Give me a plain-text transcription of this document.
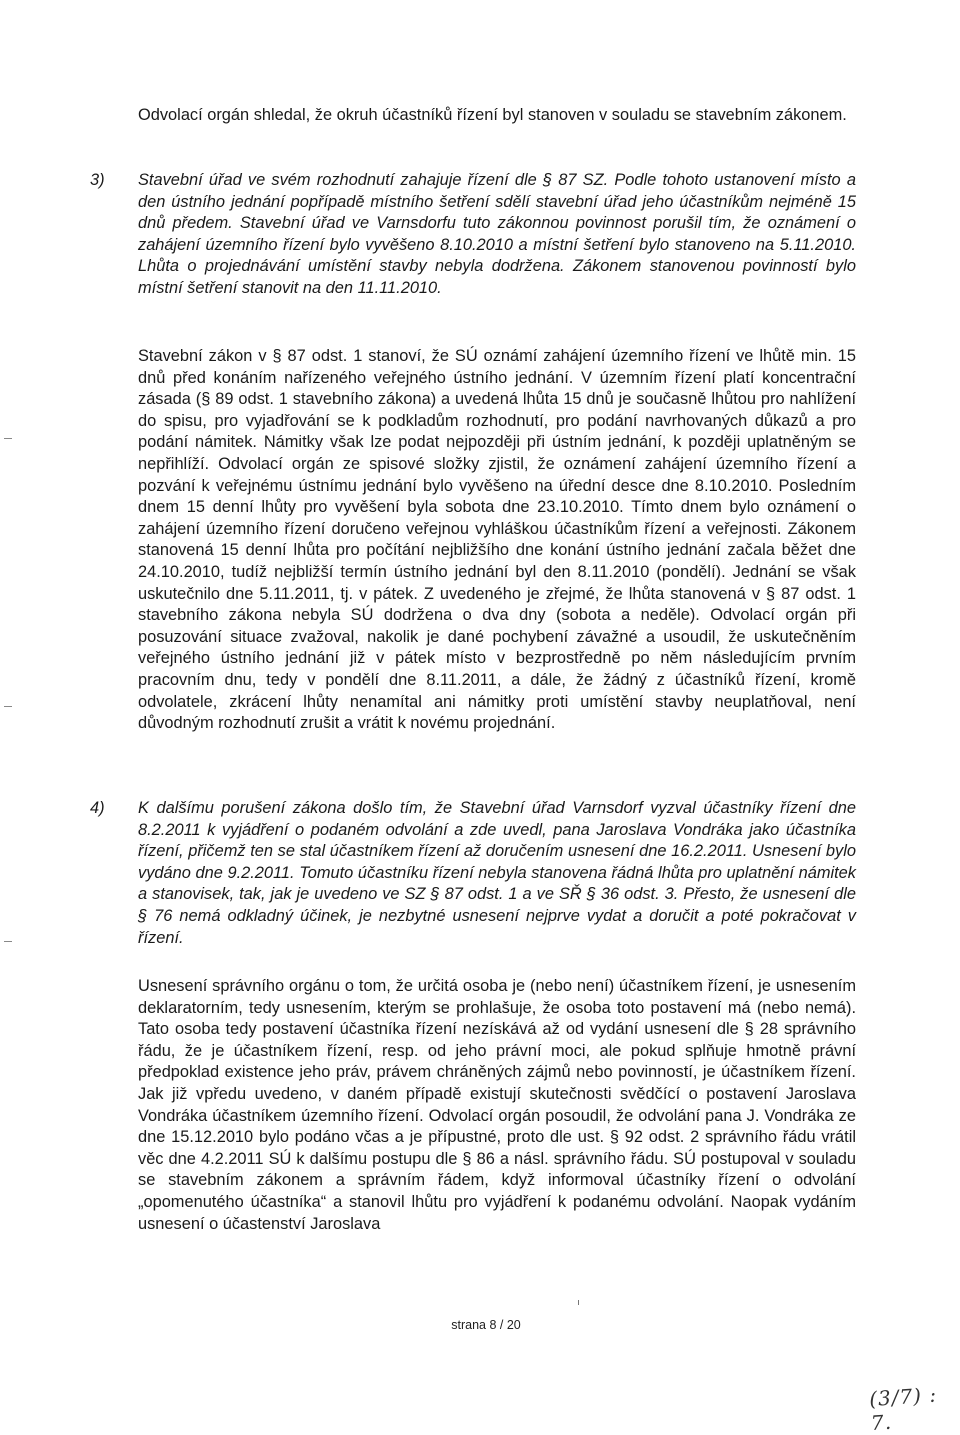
Odvolací orgán shledal, že okruh účastníků řízení byl stanoven v souladu se stavebním zákonem.
3) Stavební úřad ve svém rozhodnutí zahajuje řízení dle § 87 SZ. Podle tohoto ustanovení místo a den ústního jednání popřípadě místního šetření sdělí stavební úřad jeho účastníkům nejméně 15 dnů předem. Stavební úřad ve Varnsdorfu tuto zákonnou povinnost porušil tím, že oznámení o zahájení územního řízení bylo vyvěšeno 8.10.2010 a místní šetření bylo stanoveno na 5.11.2010. Lhůta o projednávání umístění stavby nebyla dodržena. Zákonem stanovenou povinností bylo místní šetření stanovit na den 11.11.2010.
Stavební zákon v § 87 odst. 1 stanoví, že SÚ oznámí zahájení územního řízení ve lhůtě min. 15 dnů před konáním nařízeného veřejného ústního jednání. V územním řízení platí koncentrační zásada (§ 89 odst. 1 stavebního zákona) a uvedená lhůta 15 dnů je současně lhůtou pro nahlížení do spisu, pro vyjadřování se k podkladům rozhodnutí, pro podání navrhovaných důkazů a pro podání námitek. Námitky však lze podat nejpozději při ústním jednání, k později uplatněným se nepřihlíží. Odvolací orgán ze spisové složky zjistil, že oznámení zahájení územního řízení a pozvání k veřejnému ústnímu jednání bylo vyvěšeno na úřední desce dne 8.10.2010. Posledním dnem 15 denní lhůty pro vyvěšení byla sobota dne 23.10.2010. Tímto dnem bylo oznámení o zahájení územního řízení doručeno veřejnou vyhláškou účastníkům řízení a veřejnosti. Zákonem stanovená 15 denní lhůta pro počítání nejbližšího dne konání ústního jednání začala běžet dne 24.10.2010, tudíž nejbližší termín ústního jednání byl den 8.11.2010 (pondělí). Jednání se však uskutečnilo dne 5.11.2011, tj. v pátek. Z uvedeného je zřejmé, že lhůta stanovená v § 87 odst. 1 stavebního zákona nebyla SÚ dodržena o dva dny (sobota a neděle). Odvolací orgán při posuzování situace zvažoval, nakolik je dané pochybení závažné a usoudil, že uskutečněním veřejného ústního jednání již v pátek místo v bezprostředně po něm následujícím prvním pracovním dnu, tedy v pondělí dne 8.11.2011, a dále, že žádný z účastníků řízení, kromě odvolatele, zkrácení lhůty nenamítal ani námitky proti umístění stavby neuplatňoval, není důvodným rozhodnutí zrušit a vrátit k novému projednání.
4) K dalšímu porušení zákona došlo tím, že Stavební úřad Varnsdorf vyzval účastníky řízení dne 8.2.2011 k vyjádření o podaném odvolání a zde uvedl, pana Jaroslava Vondráka jako účastníka řízení, přičemž ten se stal účastníkem řízení až doručením usnesení dne 16.2.2011. Usnesení bylo vydáno dne 9.2.2011. Tomuto účastníku řízení nebyla stanovena řádná lhůta pro uplatnění námitek a stanovisek, tak, jak je uvedeno ve SZ § 87 odst. 1 a ve SŘ § 36 odst. 3. Přesto, že usnesení dle § 76 nemá odkladný účinek, je nezbytné usnesení nejprve vydat a doručit a poté pokračovat v řízení.
Usnesení správního orgánu o tom, že určitá osoba je (nebo není) účastníkem řízení, je usnesením deklaratorním, tedy usnesením, kterým se prohlašuje, že osoba toto postavení má (nebo nemá). Tato osoba tedy postavení účastníka řízení nezískává až od vydání usnesení dle § 28 správního řádu, že je účastníkem řízení, resp. od jeho právní moci, ale pokud splňuje hmotně právní předpoklad existence jeho práv, právem chráněných zájmů nebo povinností, je účastníkem řízení. Jak již vpředu uvedeno, v daném případě existují skutečnosti svědčící o postavení Jaroslava Vondráka účastníkem územního řízení. Odvolací orgán posoudil, že odvolání pana J. Vondráka ze dne 15.12.2010 bylo podáno včas a je přípustné, proto dle ust. § 92 odst. 2 správního řádu vrátil věc dne 4.2.2011 SÚ k dalšímu postupu dle § 86 a násl. správního řádu. SÚ postupoval v souladu se stavebním zákonem a správním řádem, když informoval účastníky řízení o odvolání „opomenutého účastníka“ a stanovil lhůtu pro vyjádření k podanému odvolání. Naopak vydáním usnesení o účastenství Jaroslava
strana 8 / 20
(3/7) : 7.
